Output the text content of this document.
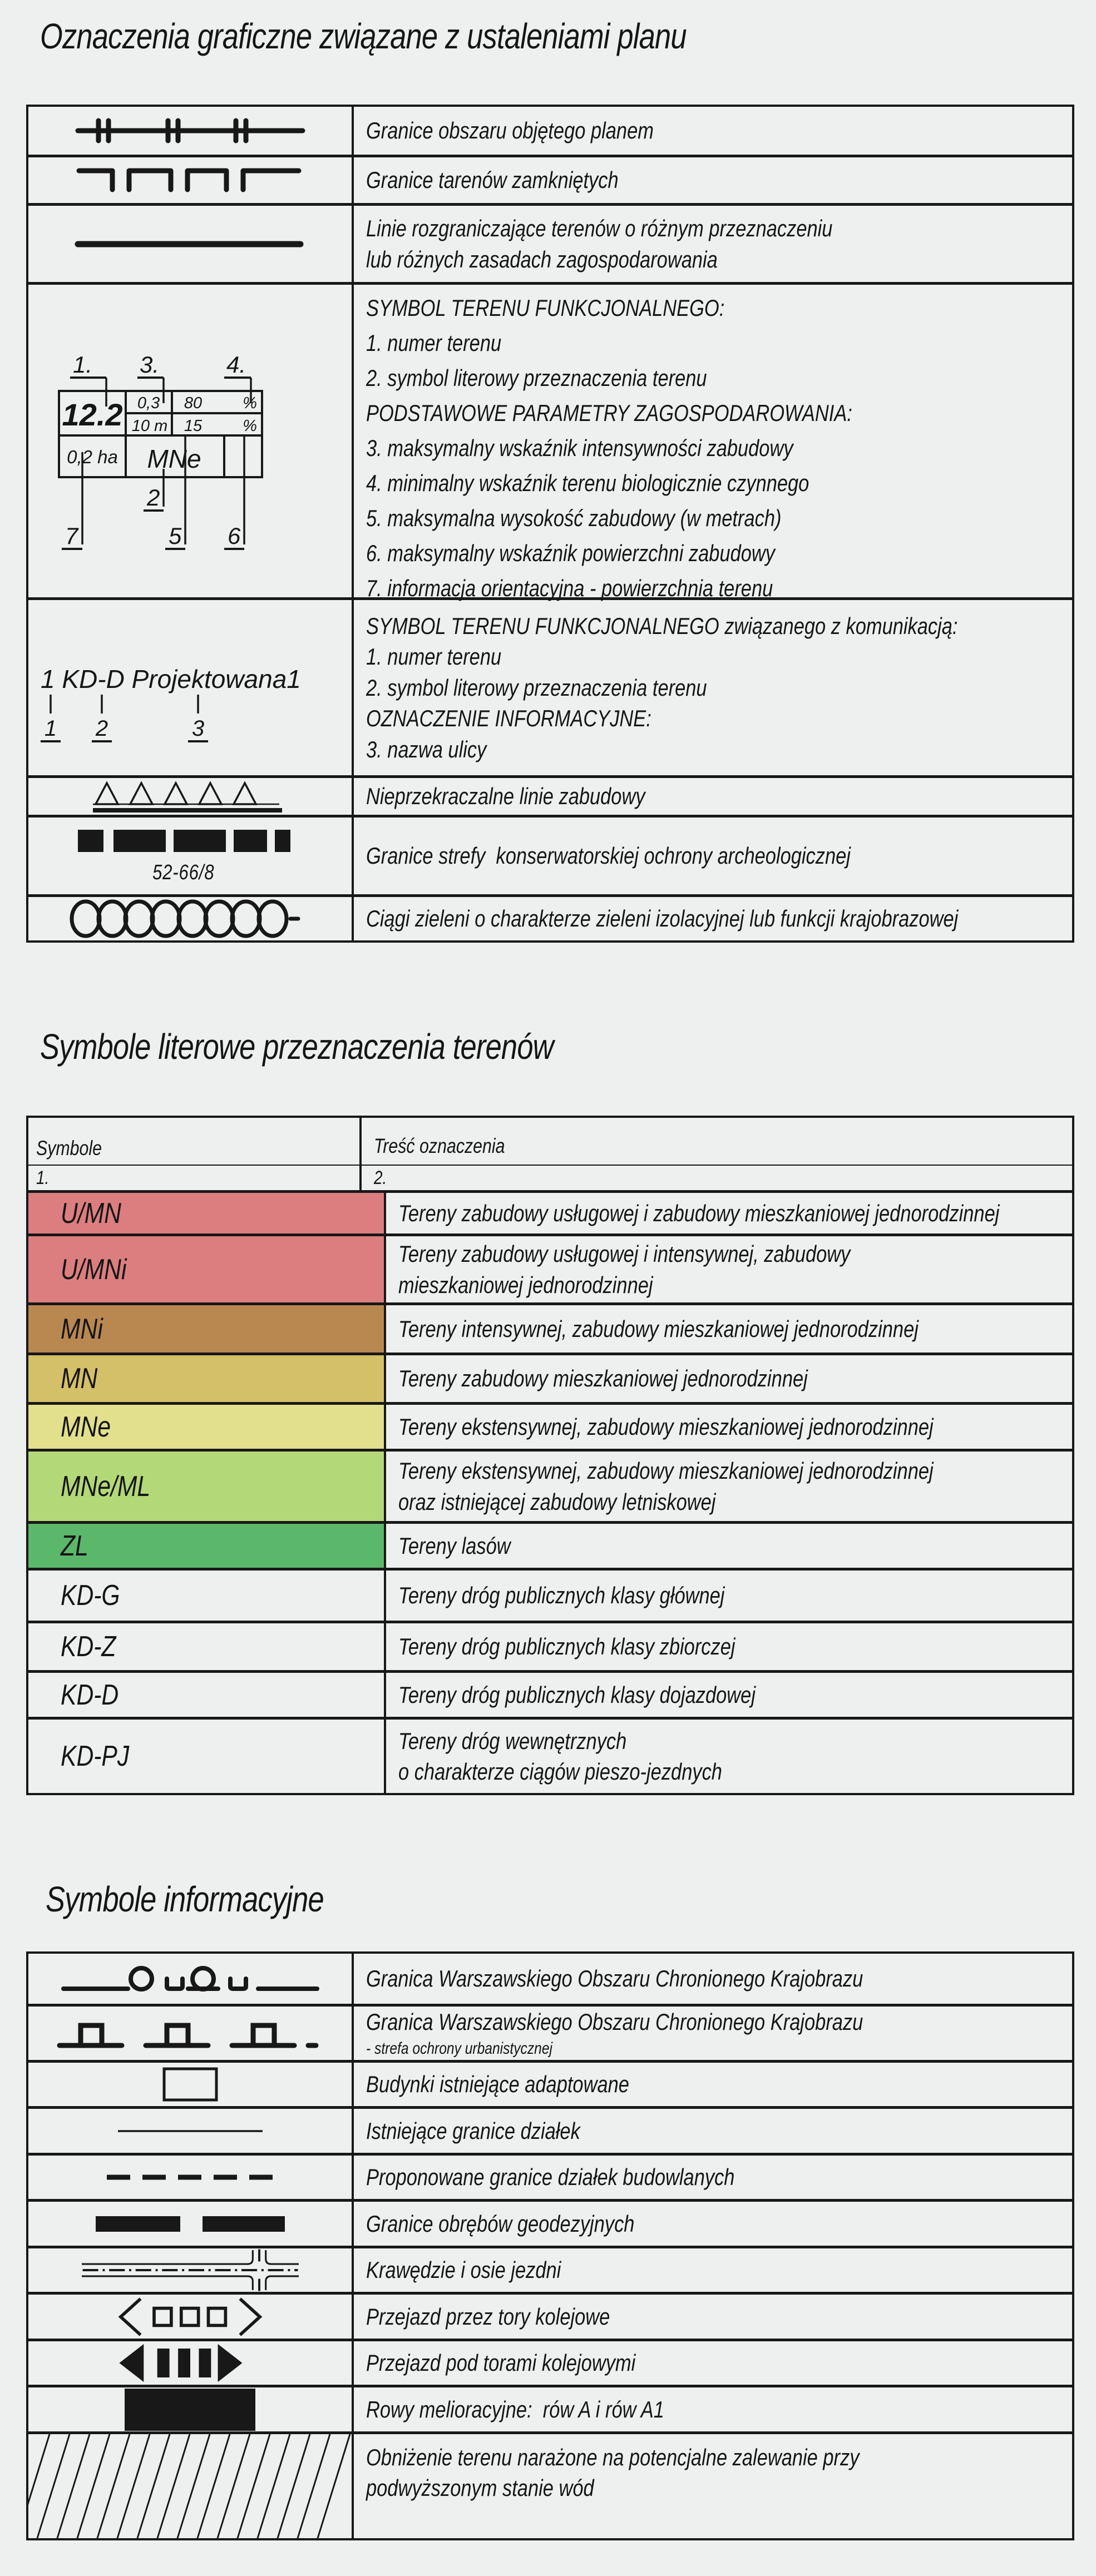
Oznaczenia graficzne związane z ustaleniami planu
Granice obszaru objętego planem
Granice tarenów zamkniętych
Linie rozgraniczające terenów o różnym przeznaczeniu
lub różnych zasadach zagospodarowania
12.2 0,3 80	%
10 m 15	%
0,2 ha MNe
1. 3.	4.
2
7	5 6
SYMBOL TERENU FUNKCJONALNEGO:
1. numer terenu
2. symbol literowy przeznaczenia terenu
PODSTAWOWE PARAMETRY ZAGOSPODAROWANIA:
3. maksymalny wskaźnik intensywności zabudowy
4. minimalny wskaźnik terenu biologicznie czynnego
5. maksymalna wysokość zabudowy (w metrach)
6. maksymalny wskaźnik powierzchni zabudowy
7. informacja orientacyjna - powierzchnia terenu
1 KD-D Projektowana1
1 2	3
SYMBOL TERENU FUNKCJONALNEGO związanego z komunikacją:
1. numer terenu
2. symbol literowy przeznaczenia terenu
OZNACZENIE INFORMACYJNE:
3. nazwa ulicy
Nieprzekraczalne linie zabudowy
52-66/8
Granice strefy  konserwatorskiej ochrony archeologicznej
Ciągi zieleni o charakterze zieleni izolacyjnej lub funkcji krajobrazowej
Symbole literowe przeznaczenia terenów
Symbole	Treść oznaczenia
1.	2.
U/MN	Tereny zabudowy usługowej i zabudowy mieszkaniowej jednorodzinnej
U/MNi	Tereny zabudowy usługowej i intensywnej, zabudowy
mieszkaniowej jednorodzinnej
MNi	Tereny intensywnej, zabudowy mieszkaniowej jednorodzinnej
MN	Tereny zabudowy mieszkaniowej jednorodzinnej
MNe	Tereny ekstensywnej, zabudowy mieszkaniowej jednorodzinnej
MNe/ML	Tereny ekstensywnej, zabudowy mieszkaniowej jednorodzinnej
oraz istniejącej zabudowy letniskowej
ZL	Tereny lasów
KD-G	Tereny dróg publicznych klasy głównej
KD-Z	Tereny dróg publicznych klasy zbiorczej
KD-D	Tereny dróg publicznych klasy dojazdowej
KD-PJ	Tereny dróg wewnętrznych
o charakterze ciągów pieszo-jezdnych
Symbole informacyjne
Granica Warszawskiego Obszaru Chronionego Krajobrazu
Granica Warszawskiego Obszaru Chronionego Krajobrazu
- strefa ochrony urbanistycznej
Budynki istniejące adaptowane
Istniejące granice działek
Proponowane granice działek budowlanych
Granice obrębów geodezyjnych
Krawędzie i osie jezdni
Przejazd przez tory kolejowe
Przejazd pod torami kolejowymi
Rowy melioracyjne:  rów A i rów A1
Obniżenie terenu narażone na potencjalne zalewanie przy
podwyższonym stanie wód
